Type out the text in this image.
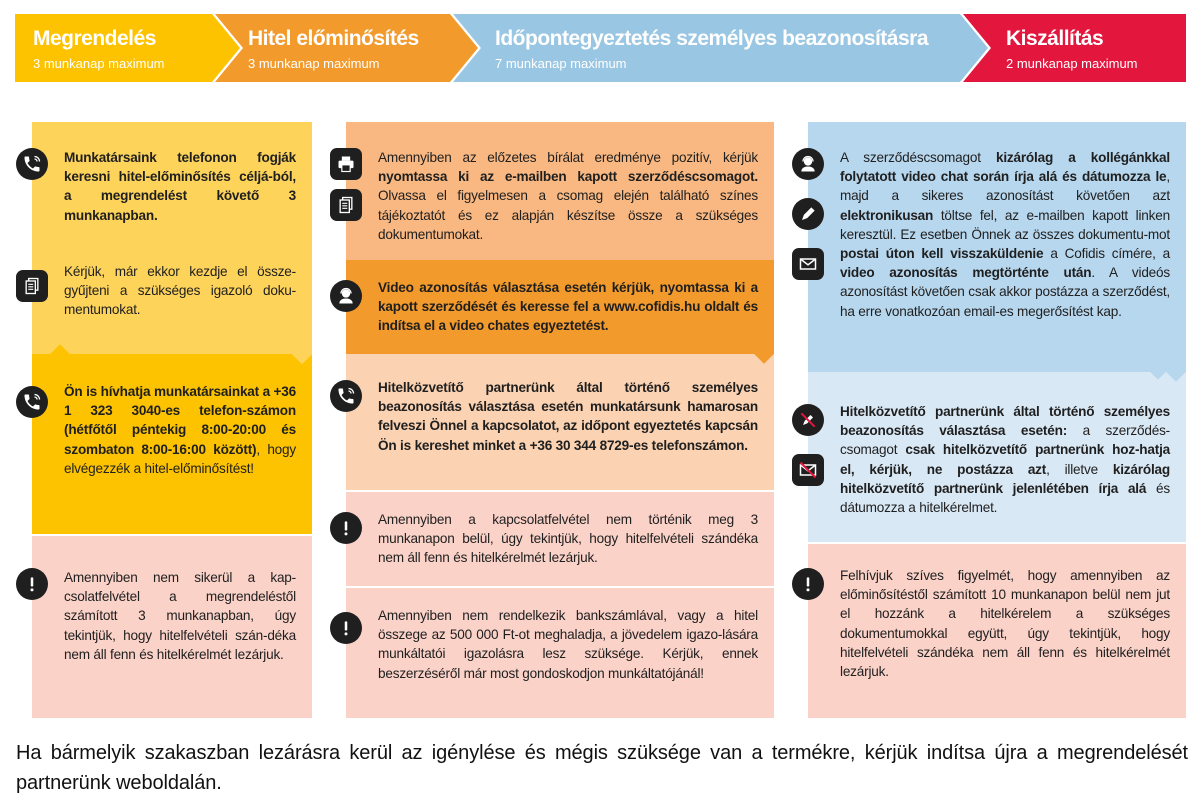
Megrendelés
3 munkanap maximum
Hitel előminősítés
3 munkanap maximum
Időpontegyeztetés személyes beazonosításra
7 munkanap maximum
Kiszállítás
2 munkanap maximum
Munkatársaink telefonon fogják keresni hitel-előminősítés céljá-ból, a megrendelést követő 3 munkanapban.
Kérjük, már ekkor kezdje el össze-gyűjteni a szükséges igazoló doku-mentumokat.
Ön is hívhatja munkatársainkat a +36 1 323 3040-es telefon-számon (hétfőtől péntekig 8:00-20:00 és szombaton 8:00-16:00 között), hogy elvégezzék a hitel-előminősítést!
Amennyiben nem sikerül a kap-csolatfelvétel a megrendeléstől számított 3 munkanapban, úgy tekintjük, hogy hitelfelvételi szán-déka nem áll fenn és hitelkérelmét lezárjuk.
Amennyiben az előzetes bírálat eredménye pozitív, kérjük nyomtassa ki az e-mailben kapott szerződéscsomagot. Olvassa el figyelmesen a csomag elején található színes tájékoztatót és ez alapján készítse össze a szükséges dokumentumokat.
Video azonosítás választása esetén kérjük, nyomtassa ki a kapott szerződését és keresse fel a www.cofidis.hu oldalt és indítsa el a video chates egyeztetést.
Hitelközvetítő partnerünk által történő személyes beazonosítás választása esetén munkatársunk hamarosan felveszi Önnel a kapcsolatot, az időpont egyeztetés kapcsán Ön is kereshet minket a +36 30 344 8729-es telefonszámon.
Amennyiben a kapcsolatfelvétel nem történik meg 3 munkanapon belül, úgy tekintjük, hogy hitelfelvételi szándéka nem áll fenn és hitelkérelmét lezárjuk.
Amennyiben nem rendelkezik bankszámlával, vagy a hitel összege az 500 000 Ft-ot meghaladja, a jövedelem igazo-lására munkáltatói igazolásra lesz szüksége. Kérjük, ennek beszerzéséről már most gondoskodjon munkáltatójánál!
A szerződéscsomagot kizárólag a kollégánkkal folytatott video chat során írja alá és dátumozza le, majd a sikeres azonosítást követően azt elektronikusan töltse fel, az e-mailben kapott linken keresztül. Ez esetben Önnek az összes dokumentu-mot postai úton kell visszaküldenie a Cofidis címére, a video azonosítás megtörténte után. A videós azonosítást követően csak akkor postázza a szerződést, ha erre vonatkozóan email-es megerősítést kap.
Hitelközvetítő partnerünk által történő személyes beazonosítás választása esetén: a szerződés-csomagot csak hitelközvetítő partnerünk hoz-hatja el, kérjük, ne postázza azt, illetve kizárólag hitelközvetítő partnerünk jelenlétében írja alá és dátumozza a hitelkérelmet.
Felhívjuk szíves figyelmét, hogy amennyiben az előminősítéstől számított 10 munkanapon belül nem jut el hozzánk a hitelkérelem a szükséges dokumentumokkal együtt, úgy tekintjük, hogy hitelfelvételi szándéka nem áll fenn és hitelkérelmét lezárjuk.
Ha bármelyik szakaszban lezárásra kerül az igénylése és mégis szüksége van a termékre, kérjük indítsa újra a megrendelését partnerünk weboldalán.
